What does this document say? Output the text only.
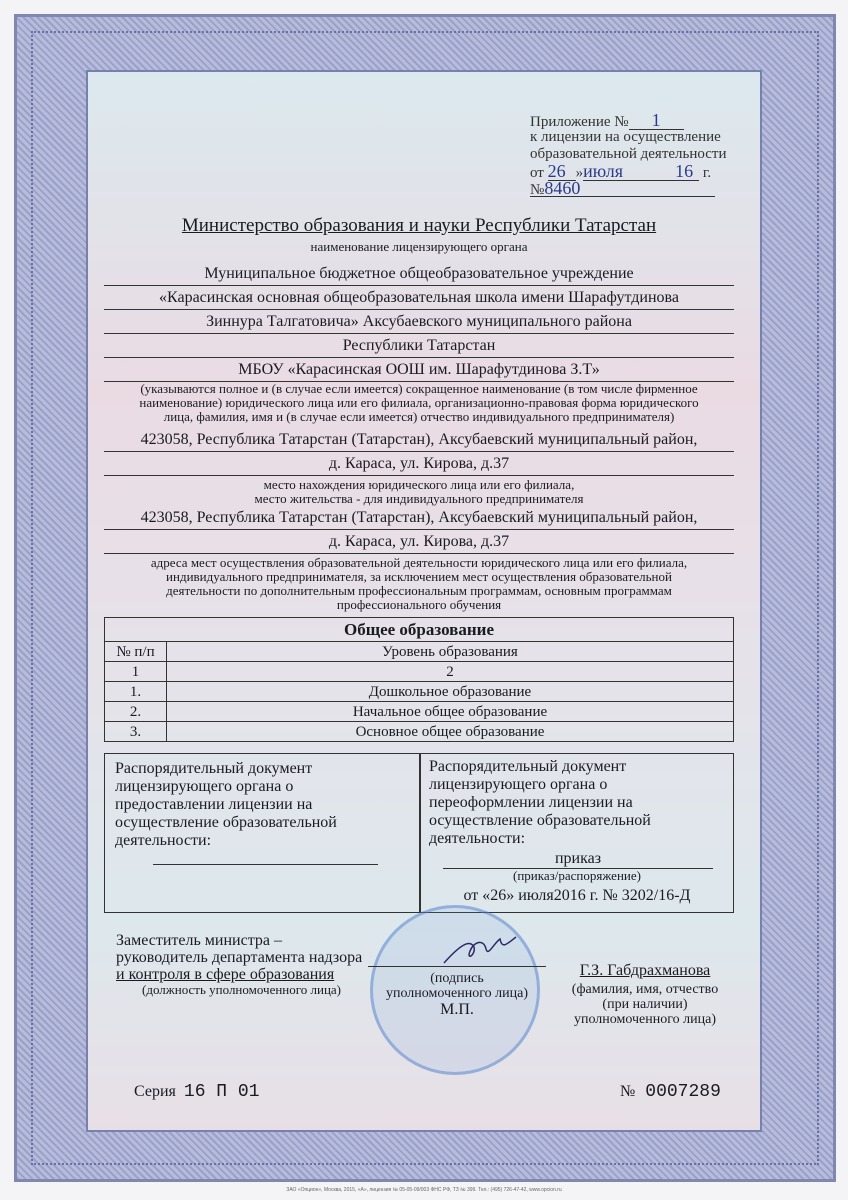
Приложение № 1
к лицензии на осуществление
образовательной деятельности
от 26 »июля	16 г.
№8460
Министерство образования и науки Республики Татарстан
наименование лицензирующего органа
Муниципальное бюджетное общеобразовательное учреждение
«Карасинская основная общеобразовательная школа имени Шарафутдинова
Зиннура Талгатовича» Аксубаевского муниципального района
Республики Татарстан
МБОУ «Карасинская ООШ им. Шарафутдинова З.Т»
(указываются полное и (в случае если имеется) сокращенное наименование (в том числе фирменное
наименование) юридического лица или его филиала, организационно-правовая форма юридического
лица, фамилия, имя и (в случае если имеется) отчество индивидуального предпринимателя)
423058, Республика Татарстан (Татарстан), Аксубаевский муниципальный район,
д. Караса, ул. Кирова, д.37
место нахождения юридического лица или его филиала,
место жительства - для индивидуального предпринимателя
423058, Республика Татарстан (Татарстан), Аксубаевский муниципальный район,
д. Караса, ул. Кирова, д.37
адреса мест осуществления образовательной деятельности юридического лица или его филиала,
индивидуального предпринимателя, за исключением мест осуществления образовательной
деятельности по дополнительным профессиональным программам, основным программам
профессионального обучения
Общее образование	
№ п/п	Уровень образования
1	2
1.	Дошкольное образование
2.	Начальное общее образование
3.	Основное общее образование
Распорядительный документ
лицензирующего органа о
предоставлении лицензии на
осуществление образовательной
деятельности:
Распорядительный документ
лицензирующего органа о
переоформлении лицензии на
осуществление образовательной
деятельности:
приказ
(приказ/распоряжение)
от «26» июля2016 г. № 3202/16-Д
Заместитель министра –
руководитель департамента надзора
и контроля в сфере образования
(должность уполномоченного лица)
(подпись
уполномоченного лица)
М.П.
Г.З. Габдрахманова
(фамилия, имя, отчество
(при наличии)
уполномоченного лица)
Серия 16 П 01	№ 0007289
ЗАО «Опцион», Москва, 2015, «А», лицензия № 05-05-09/003 ФНС РФ, ТЗ № 399. Тел.: (495) 726-47-42, www.opcion.ru
